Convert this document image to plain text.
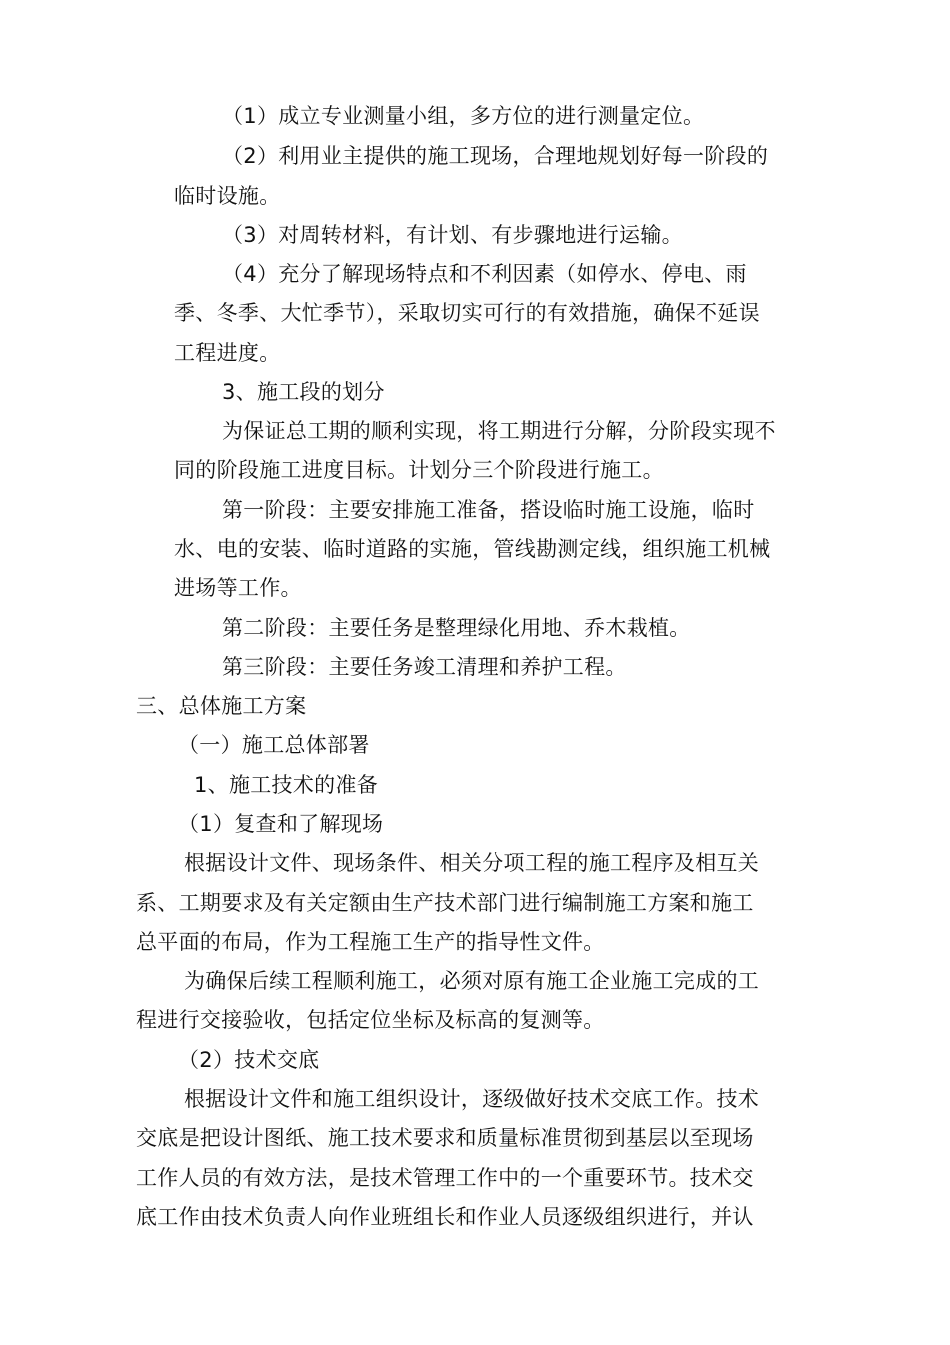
（1）成立专业测量小组，多方位的进行测量定位。

（2）利用业主提供的施工现场，合理地规划好每一阶段的

临时设施。

（3）对周转材料，有计划、有步骤地进行运输。

（4）充分了解现场特点和不利因素（如停水、停电、雨

季、冬季、大忙季节），采取切实可行的有效措施，确保不延误

工程进度。

3、施工段的划分

为保证总工期的顺利实现，将工期进行分解，分阶段实现不

同的阶段施工进度目标。计划分三个阶段进行施工。

第一阶段：主要安排施工准备，搭设临时施工设施，临时

水、电的安装、临时道路的实施，管线勘测定线，组织施工机械

进场等工作。

第二阶段：主要任务是整理绿化用地、乔木栽植。

第三阶段：主要任务竣工清理和养护工程。

三、总体施工方案

（一）施工总体部署

1、施工技术的准备

（1）复查和了解现场

根据设计文件、现场条件、相关分项工程的施工程序及相互关

系、工期要求及有关定额由生产技术部门进行编制施工方案和施工

总平面的布局，作为工程施工生产的指导性文件。

为确保后续工程顺利施工，必须对原有施工企业施工完成的工

程进行交接验收，包括定位坐标及标高的复测等。

（2）技术交底

根据设计文件和施工组织设计，逐级做好技术交底工作。技术

交底是把设计图纸、施工技术要求和质量标准贯彻到基层以至现场

工作人员的有效方法，是技术管理工作中的一个重要环节。技术交

底工作由技术负责人向作业班组长和作业人员逐级组织进行，并认
